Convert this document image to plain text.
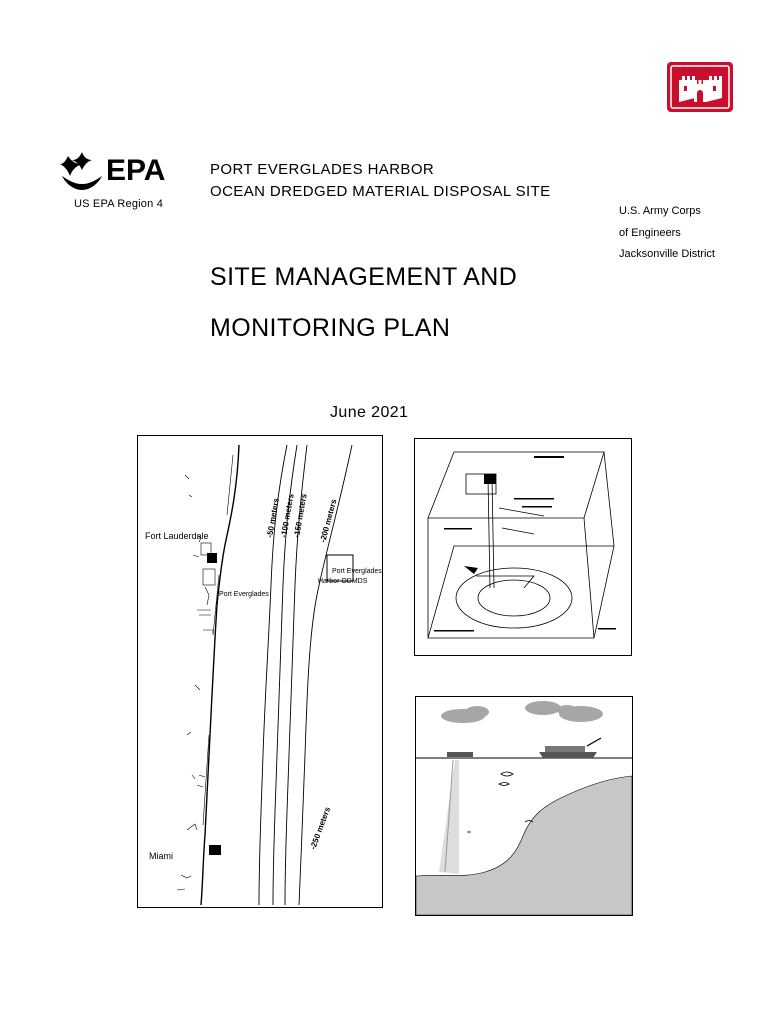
EPA
US EPA Region 4
PORT EVERGLADES HARBOR
OCEAN DREDGED MATERIAL DISPOSAL SITE
U.S. Army Corps
of Engineers
Jacksonville District
SITE MANAGEMENT AND
MONITORING PLAN
June 2021
Fort Lauderdale
Port Everglades
Port Everglades
Harbor ODMDS
Miami
-50 meters
-100 meters
-150 meters -200 meters
-250 meters
